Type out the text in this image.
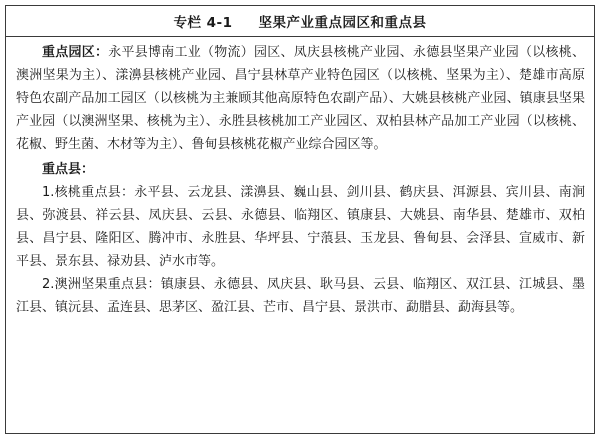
专栏 4-1 坚果产业重点园区和重点县

重点园区：永平县博南工业（物流）园区、凤庆县核桃产业园、永德县坚果产业园（以核桃、澳洲坚果为主）、漾濞县核桃产业园、昌宁县林草产业特色园区（以核桃、坚果为主）、楚雄市高原特色农副产品加工园区（以核桃为主兼顾其他高原特色农副产品）、大姚县核桃产业园、镇康县坚果产业园（以澳洲坚果、核桃为主）、永胜县核桃加工产业园区、双柏县林产品加工产业园（以核桃、花椒、野生菌、木材等为主）、鲁甸县核桃花椒产业综合园区等。

重点县：

1.核桃重点县：永平县、云龙县、漾濞县、巍山县、剑川县、鹤庆县、洱源县、宾川县、南涧县、弥渡县、祥云县、凤庆县、云县、永德县、临翔区、镇康县、大姚县、南华县、楚雄市、双柏县、昌宁县、隆阳区、腾冲市、永胜县、华坪县、宁蒗县、玉龙县、鲁甸县、会泽县、宣威市、新平县、景东县、禄劝县、泸水市等。

2.澳洲坚果重点县：镇康县、永德县、凤庆县、耿马县、云县、临翔区、双江县、江城县、墨江县、镇沅县、孟连县、思茅区、盈江县、芒市、昌宁县、景洪市、勐腊县、勐海县等。
